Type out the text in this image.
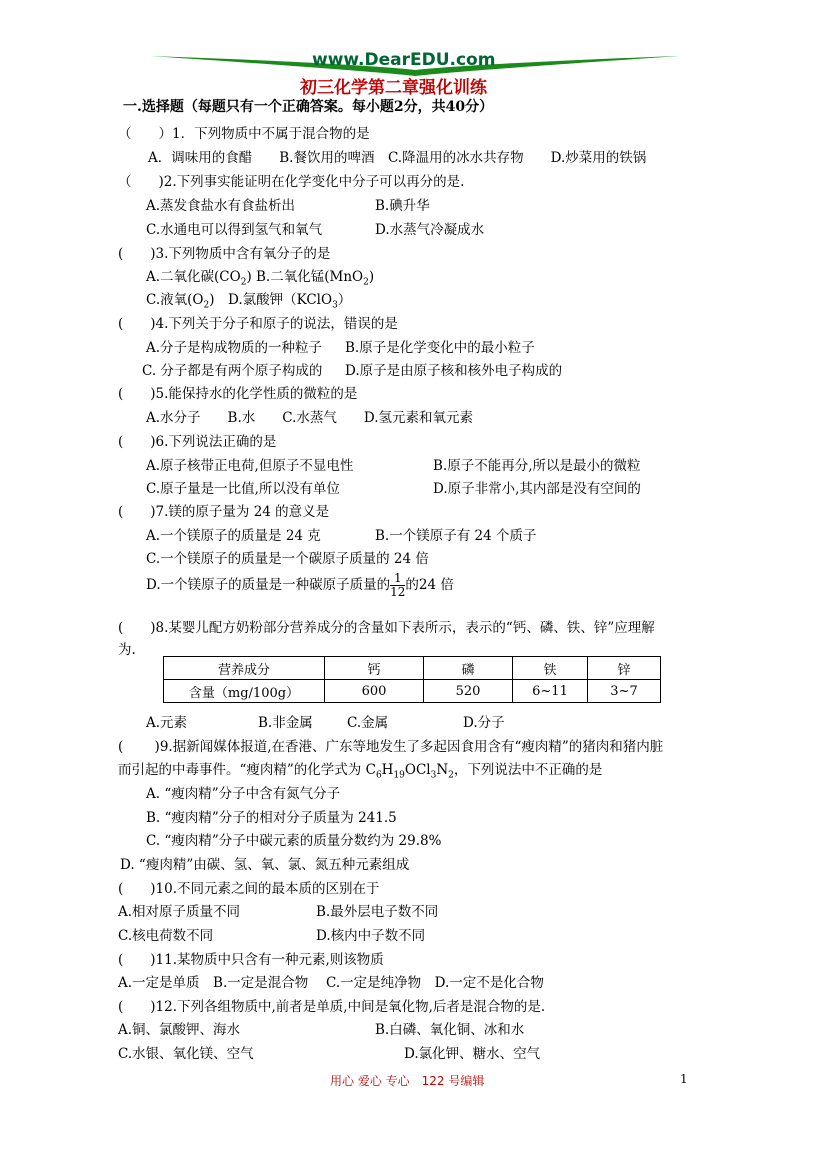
www.DearEDU.com
初三化学第二章强化训练
一.选择题（每题只有一个正确答案。每小题2分，共40分）
（　　）1．下列物质中不属于混合物的是
A．调味用的食醋　　B.餐饮用的啤酒　C.降温用的冰水共存物　　D.炒菜用的铁锅
（　　)2.下列事实能证明在化学变化中分子可以再分的是.
A.蒸发食盐水有食盐析出	B.碘升华
C.水通电可以得到氢气和氧气	D.水蒸气冷凝成水
(　　)3.下列物质中含有氧分子的是
A.二氧化碳$(CO_2)$ B.二氧化锰(MnO$_2$)
C.液氧$(O_2)$　D.氯酸钾（KClO$_3$）
(　　)4.下列关于分子和原子的说法，错误的是
A.分子是构成物质的一种粒子 B.原子是化学变化中的最小粒子
C. 分子都是有两个原子构成的 D.原子是由原子核和核外电子构成的
(　　)5.能保持水的化学性质的微粒的是
A.水分子　　B.水　　C.水蒸气　　D.氢元素和氧元素
(　　)6.下列说法正确的是
A.原子核带正电荷,但原子不显电性	B.原子不能再分,所以是最小的微粒
C.原子量是一比值,所以没有单位	D.原子非常小,其内部是没有空间的
(　　)7.镁的原子量为 24 的意义是
A.一个镁原子的质量是 24 克	B.一个镁原子有 24 个质子
C.一个镁原子的质量是一个碳原子质量的 24 倍
D.一个镁原子的质量是一种碳原子质量的 $\frac{1}{12}$ 的24 倍
(　　)8.某婴儿配方奶粉部分营养成分的含量如下表所示，表示的“钙、磷、铁、锌”应理解
为.
营养成分	钙	磷	铁	锌
含量（mg/100g）	600	520	6~11	3~7
A.元素	B.非金属	C.金属	D.分子
(　　 )9.据新闻媒体报道,在香港、广东等地发生了多起因食用含有“瘦肉精”的猪肉和猪内脏
而引起的中毒事件。“瘦肉精”的化学式为 $C_6H_{19}OCl_3N_2$，下列说法中不正确的是
A. “瘦肉精”分子中含有氮气分子
B. “瘦肉精”分子的相对分子质量为 241.5
C. “瘦肉精”分子中碳元素的质量分数约为 29.8%
D. “瘦肉精”由碳、氢、氧、氯、氮五种元素组成
(　　)10.不同元素之间的最本质的区别在于
A.相对原子质量不同	B.最外层电子数不同
C.核电荷数不同	D.核内中子数不同
(　　)11.某物质中只含有一种元素,则该物质
A.一定是单质　B.一定是混合物　 C.一定是纯净物　D.一定不是化合物
(　　)12.下列各组物质中,前者是单质,中间是氧化物,后者是混合物的是.
A.铜、氯酸钾、海水	B.白磷、氧化铜、冰和水
C.水银、氧化镁、空气	D.氯化钾、糖水、空气
用心 爱心 专心　122 号编辑	1
